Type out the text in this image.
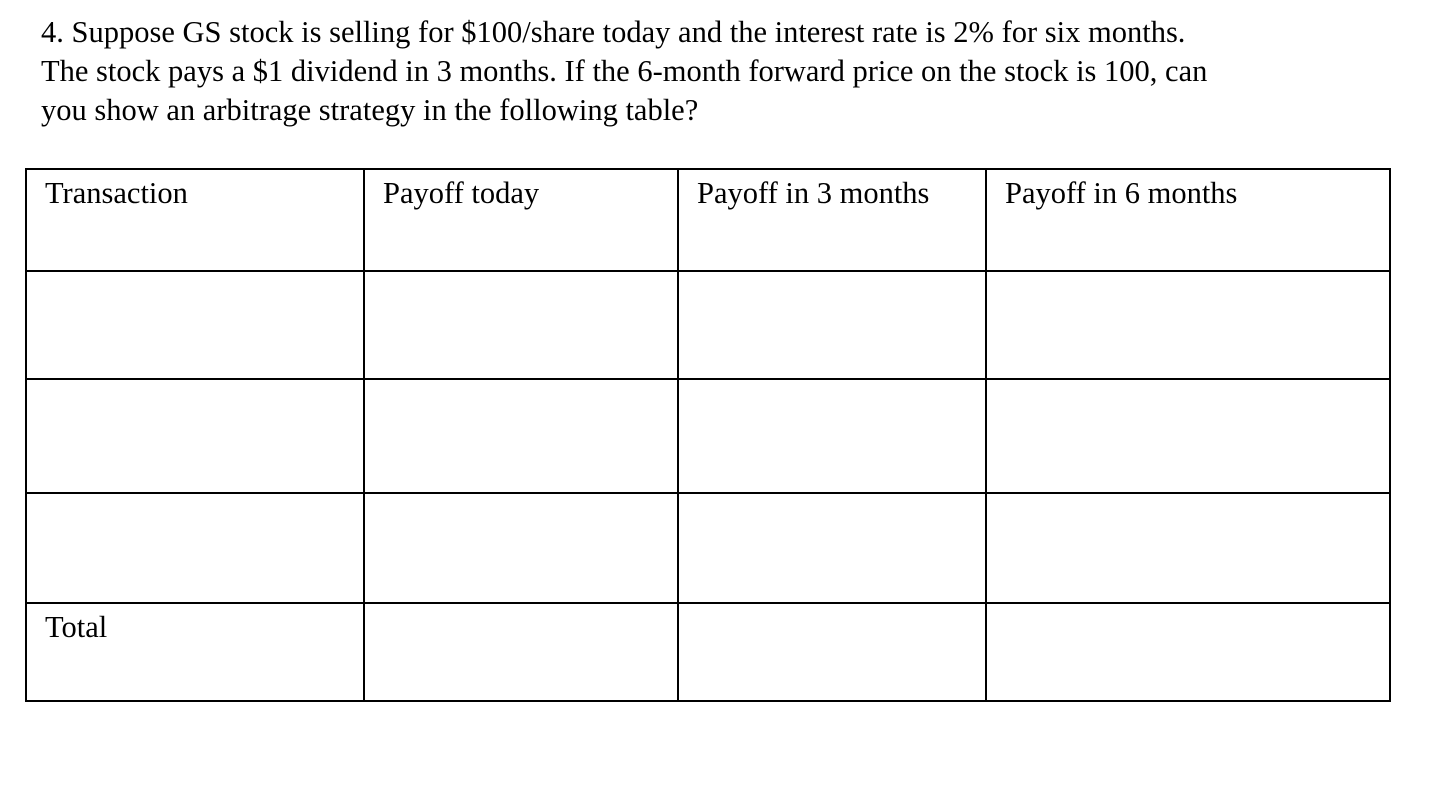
4. Suppose GS stock is selling for $100/share today and the interest rate is 2% for six months.
The stock pays a $1 dividend in 3 months. If the 6-month forward price on the stock is 100, can
you show an arbitrage strategy in the following table?

Transaction	Payoff today	Payoff in 3 months	Payoff in 6 months

Total			
